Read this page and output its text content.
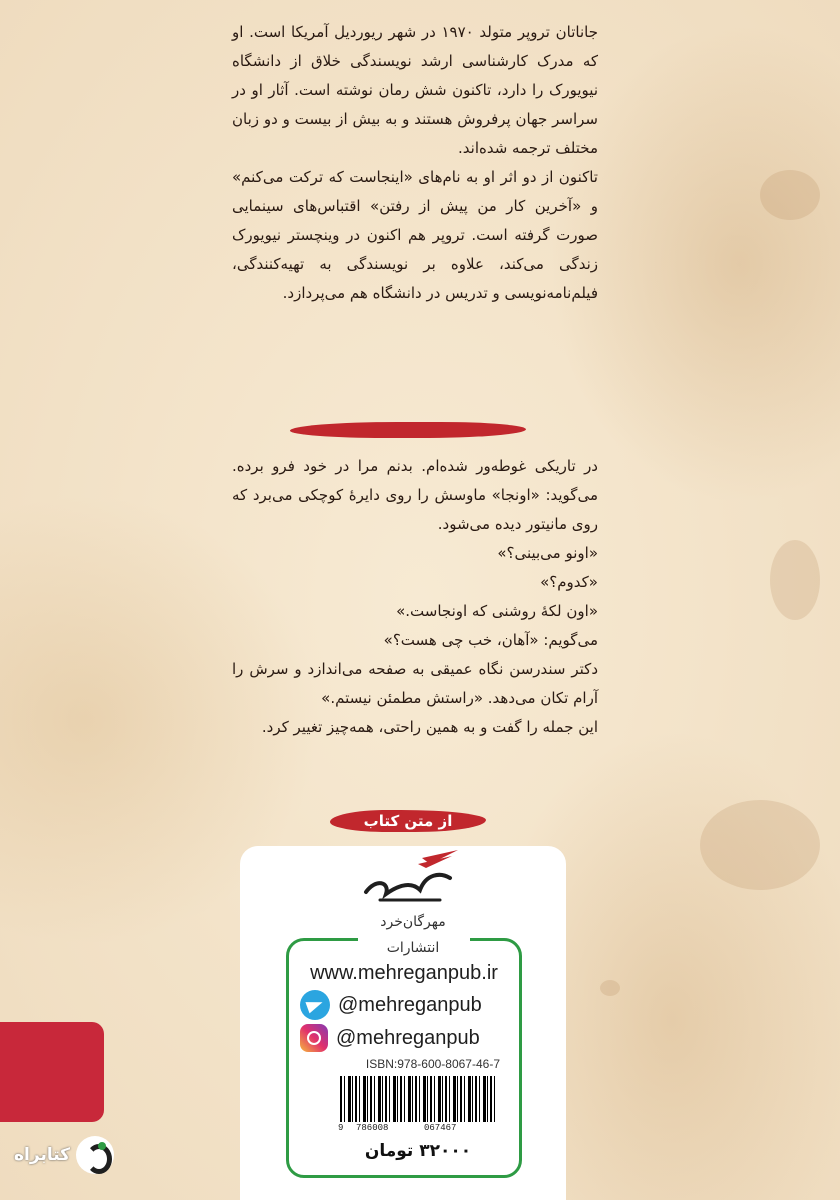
جاناتان تروپر متولد ۱۹۷۰ در شهر ریوردیل آمریکا است. او که مدرک کارشناسی ارشد نویسندگی خلاق از دانشگاه نیویورک را دارد، تاکنون شش رمان نوشته است. آثار او در سراسر جهان پرفروش هستند و به بیش از بیست و دو زبان مختلف ترجمه شده‌اند.

تاکنون از دو اثر او به نام‌های «اینجاست که ترکت می‌کنم» و «آخرین کار من پیش از رفتن» اقتباس‌های سینمایی صورت گرفته است. تروپر هم اکنون در وینچستر نیویورک زندگی می‌کند، علاوه بر نویسندگی به تهیه‌کنندگی، فیلم‌نامه‌نویسی و تدریس در دانشگاه هم می‌پردازد.

در تاریکی غوطه‌ور شده‌ام. بدنم مرا در خود فرو برده. می‌گوید: «اونجا» ماوسش را روی دایرهٔ کوچکی می‌برد که روی مانیتور دیده می‌شود.

«اونو می‌بینی؟»

«کدوم؟»

«اون لکهٔ روشنی که اونجاست.»

می‌گویم: «آهان، خب چی هست؟»

دکتر سندرسن نگاه عمیقی به صفحه می‌اندازد و سرش را آرام تکان می‌دهد. «راستش مطمئن نیستم.»

این جمله را گفت و به همین راحتی، همه‌چیز تغییر کرد.

از متن کتاب
مهرگان‌خرد
انتشارات
www.mehreganpub.ir
@mehreganpub
@mehreganpub
ISBN:978-600-8067-46-7
9 786008	067467
۳۲۰۰۰ تومان
کتابراه
